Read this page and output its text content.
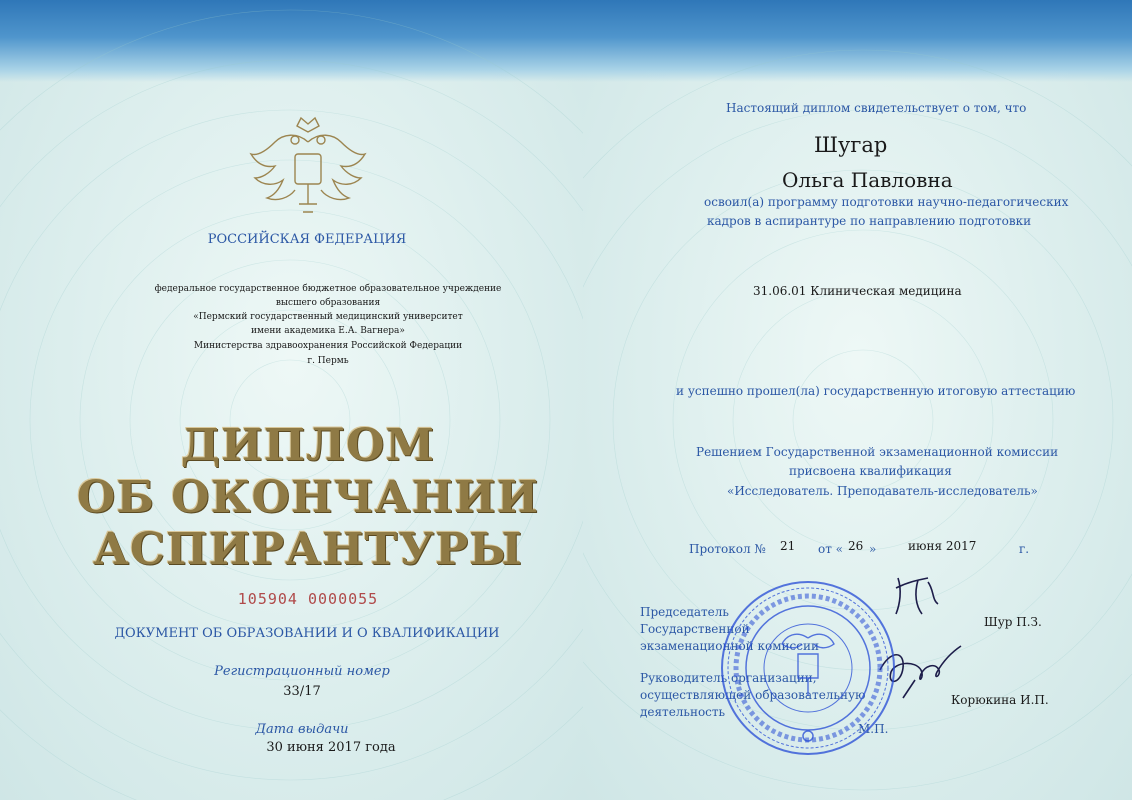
РОССИЙСКАЯ ФЕДЕРАЦИЯ
федеральное государственное бюджетное образовательное учреждение
высшего образования
«Пермский государственный медицинский университет
имени академика Е.А. Вагнера»
Министерства здравоохранения Российской Федерации
г. Пермь
ДИПЛОМ
ОБ ОКОНЧАНИИ
АСПИРАНТУРЫ
105904 0000055
ДОКУМЕНТ ОБ ОБРАЗОВАНИИ И О КВАЛИФИКАЦИИ
Регистрационный номер
33/17
Дата выдачи
30 июня 2017 года
Настоящий диплом свидетельствует о том, что
Шугар
Ольга Павловна
освоил(а) программу подготовки научно-педагогических
кадров в аспирантуре по направлению подготовки
31.06.01 Клиническая медицина
и успешно прошел(ла) государственную итоговую аттестацию
Решением Государственной экзаменационной комиссии
присвоена квалификация
«Исследователь. Преподаватель-исследователь»
Протокол № 21 от « 26 »	июня 2017	г.
Председатель
Государственной
экзаменационной комиссии
Шур П.З.
Руководитель организации,
осуществляющей образовательную
деятельность
Корюкина И.П.
М.П.
